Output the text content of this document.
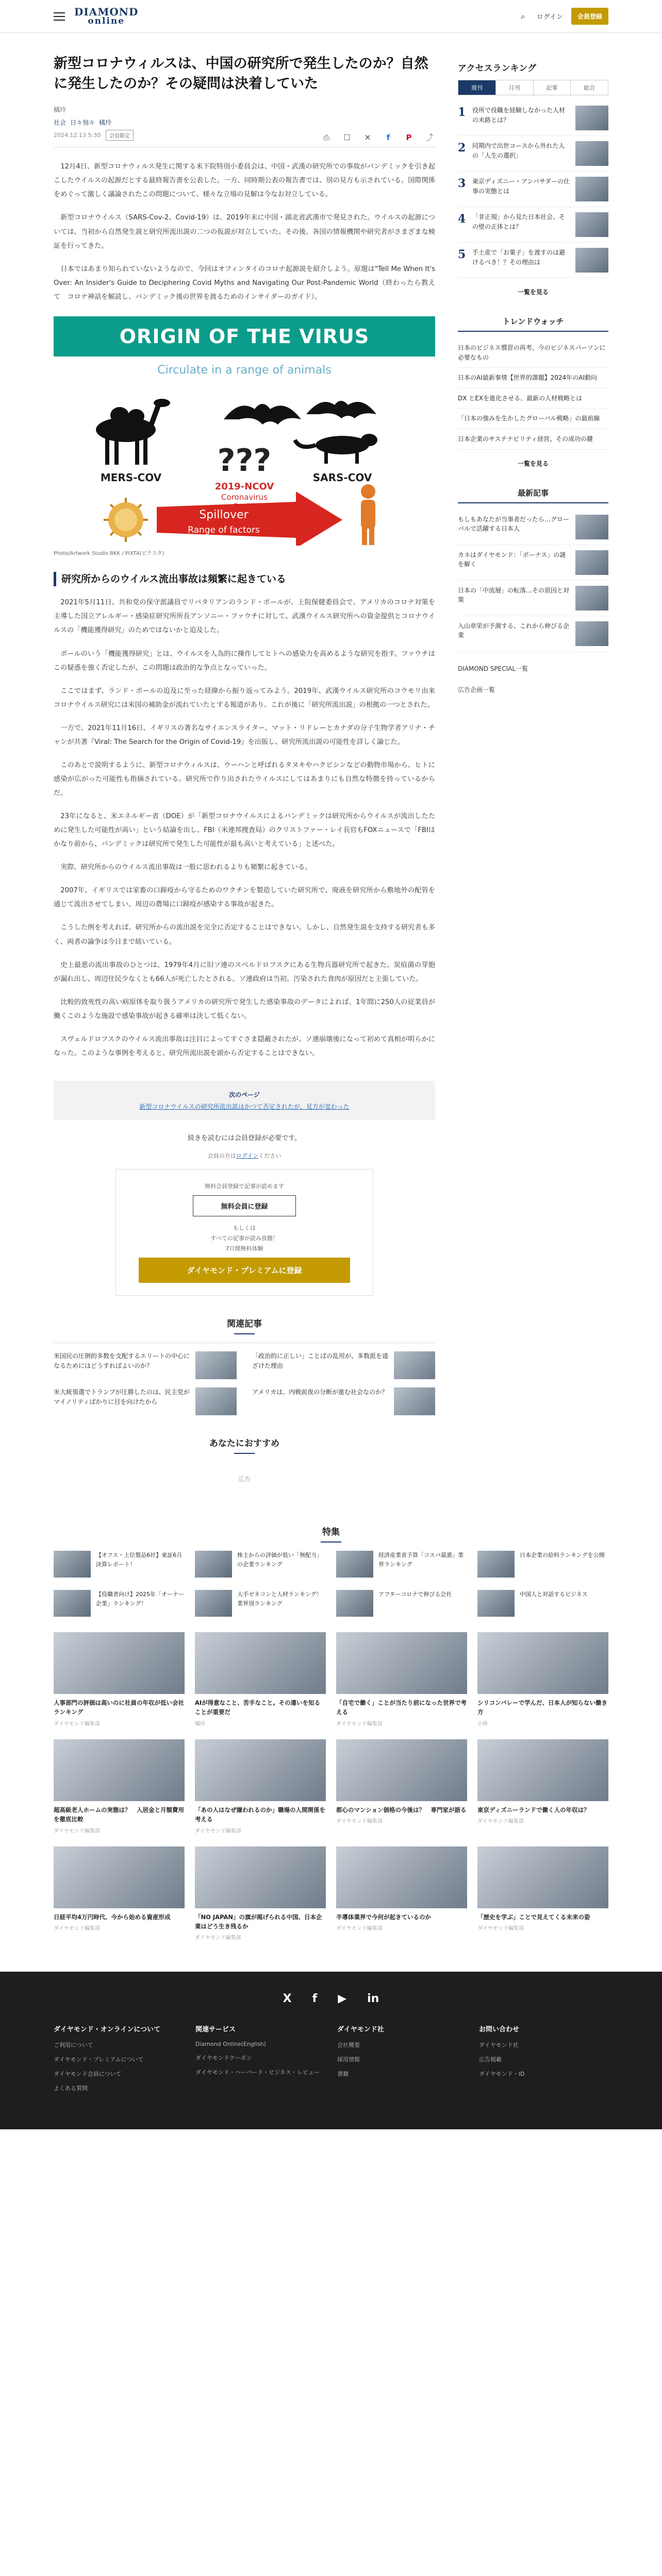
DIAMOND
online	⌕	ログイン	会員登録
新型コロナウィルスは、中国の研究所で発生したのか？自然に発生したのか？その疑問は決着していた
橘玲
社会 日々刻々 橘玲
2024.12.13 5:30	会員限定	⎙	☐	✕	f	P	⤴

12月4日、新型コロナウィルス発生に関する米下院特別小委員会は、中国・武漢の研究所での事故がパンデミックを引き起こしたウイルスの起源だとする最終報告書を公表した。一方、同時期公表の報告書では、別の見方も示されている。国際関係をめぐって激しく議論されたこの問題について、様々な立場の見解は今なお対立している。

新型コロナウイルス（SARS-Cov-2、Covid-19）は、2019年末に中国・湖北省武漢市で発見された。ウイルスの起源については、当初から自然発生説と研究所流出説の二つの仮説が対立していた。その後、各国の情報機関や研究者がさまざまな検証を行ってきた。

日本ではあまり知られていないようなので、今回はオフィンタイのコロナ起源説を紹介しよう。原題は"Tell Me When It's Over: An Insider's Guide to Deciphering Covid Myths and Navigating Our Post-Pandemic World（終わったら教えて　コロナ神話を解読し、パンデミック後の世界を渡るためのインサイダーのガイド）。

ORIGIN OF THE VIRUS
Circulate in a range of animals
MERS-COV	SARS-COV
???
2019-NCOV
Coronavirus
Spillover
Range of factors
Photo/Artwork Studio BKK / PIXTA(ピクスタ)
研究所からのウイルス流出事故は頻繁に起きている

2021年5月11日、共和党の保守派議員でリバタリアンのランド・ポールが、上院保健委員会で、アメリカのコロナ対策を主導した国立アレルギー・感染症研究所所長アンソニー・ファウチに対して、武漢ウイルス研究所への資金提供とコロナウイルスの「機能獲得研究」のためではないかと追及した。

ポールのいう「機能獲得研究」とは、ウイルスを人為的に操作してヒトへの感染力を高めるような研究を指す。ファウチはこの疑惑を強く否定したが、この問題は政治的な争点となっていった。

ここではまず、ランド・ポールの追及に至った経緯から振り返ってみよう。2019年、武漢ウイルス研究所のコウモリ由来コロナウイルス研究には米国の補助金が流れていたとする報道があり、これが後に「研究所流出説」の根拠の一つとされた。

一方で、2021年11月16日、イギリスの著名なサイエンスライター、マット・リドレーとカナダの分子生物学者アリナ・チャンが共著『Viral: The Search for the Origin of Covid-19』を出版し、研究所流出説の可能性を詳しく論じた。

このあとで説明するように、新型コロナウィルスは、ウーハンと呼ばれるタヌキやハクビシンなどの動物市場から、ヒトに感染が広がった可能性も指摘されている。研究所で作り出されたウイルスにしてはあまりにも自然な特徴を持っているからだ。

23年になると、米エネルギー省（DOE）が「新型コロナウイルスによるパンデミックは研究所からウイルスが流出したために発生した可能性が高い」という結論を出し、FBI（米連邦捜査局）のクリストファー・レイ長官もFOXニュースで「FBIはかなり前から、パンデミックは研究所で発生した可能性が最も高いと考えている」と述べた。

実際、研究所からのウイルス流出事故は一般に思われるよりも頻繁に起きている。

2007年、イギリスでは家畜の口蹄疫から守るためのワクチンを製造していた研究所で、廃液を研究所から敷地外の配管を通じて流出させてしまい、周辺の農場に口蹄疫が感染する事故が起きた。

こうした例を考えれば、研究所からの流出説を完全に否定することはできない。しかし、自然発生説を支持する研究者も多く、両者の論争は今日まで続いている。

史上最悪の流出事故のひとつは、1979年4月に旧ソ連のスベルドロフスクにある生物兵器研究所で起きた。炭疽菌の芽胞が漏れ出し、周辺住民少なくとも66人が死亡したとされる。ソ連政府は当初、汚染された食肉が原因だと主張していた。

比較的致死性の高い病原体を取り扱うアメリカの研究所で発生した感染事故のデータによれば、1年間に250人の従業員が働くこのような施設で感染事故が起きる確率は決して低くない。

スヴェルドロフスクのウイルス流出事故は注目によってすぐさま隠蔽されたが、ソ連崩壊後になって初めて真相が明らかになった。このような事例を考えると、研究所流出説を頭から否定することはできない。

次のページ
新型コロナウイルスの研究所流出説はかつて否定されたが、見方が変わった
続きを読むには会員登録が必要です。
会員の方はログインください
無料会員登録で記事が読めます
無料会員に登録
もしくは
すべての記事が読み放題！
7日間無料体験
ダイヤモンド・プレミアムに登録
関連記事
米国民の圧倒的多数を支配するエリートの中心になるためにはどうすればよいのか？
「政治的に正しい」ことばの乱用が、多数派を遠ざけた理由
米大統領選でトランプが圧勝したのは、民主党がマイノリティばかりに目を向けたから
アメリカは、内戦前夜の分断が進む社会なのか？
あなたにおすすめ
広告
アクセスランキング
週刊	月刊	記事	総合
1 役所で役職を経験しなかった人材の末路とは？
2 同期内で出世コースから外れた人の「人生の選択」
3 東京ディズニー・アンバサダーの仕事の実態とは
4 「非正規」から見た日本社会、その壁の正体とは？
5 手土産で「お菓子」を渡すのは避けるべき！？その理由は
一覧を見る
トレンドウォッチ
日本のビジネス慣習の再考、今のビジネスパーソンに必要なもの
日本のAI最新事情【世界的課題】2024年のAI動向
DX とEXを進化させる、最新の人材戦略とは
「日本の強みを生かしたグローバル戦略」の最前線
日本企業のサステナビリティ経営、その成功の鍵
一覧を見る
最新記事
もしもあなたが当事者だったら…グローバルで活躍する日本人
カネはダイヤモンド：「ボーナス」の謎を解く
日本の「中流層」の転落…その原因と対策
入山章栄が予測する、これから伸びる企業
DIAMOND SPECIAL一覧
広告企画一覧
特集
【オフス・上位製品6社】東証6月決算レポート！
株主からの評価が低い「無配当」の企業ランキング
経済産業省予算「コスパ最悪」業界ランキング
日本企業の給料ランキングを公開
【役職者向け】2025年「オーナー企業」ランキング！
大手ゼネコンと人材ランキング！業界別ランキング
アフターコロナで伸びる会社	中国人と対話するビジネス
人事部門の評価は高いのに社員の年収が低い会社ランキング
ダイヤモンド編集部
AIが得意なこと、苦手なこと。その違いを知ることが重要だ
橘玲
「自宅で働く」ことが当たり前になった世界で考える
ダイヤモンド編集部
シリコンバレーで学んだ、日本人が知らない働き方
小林
超高級老人ホームの実態は？　入居金と月額費用を徹底比較
ダイヤモンド編集部
「あの人はなぜ嫌われるのか」職場の人間関係を考える
ダイヤモンド編集部
都心のマンション価格の今後は？　専門家が語る
ダイヤモンド編集部
東京ディズニーランドで働く人の年収は？
ダイヤモンド編集部
日経平均4万円時代、今から始める資産形成
ダイヤモンド編集部
「NO JAPAN」の旗が掲げられる中国、日本企業はどう生き残るか
ダイヤモンド編集部
半導体業界で今何が起きているのか
ダイヤモンド編集部
「歴史を学ぶ」ことで見えてくる未来の姿
ダイヤモンド編集部
X f ▶ in
ダイヤモンド・オンラインについて
ご利用について
ダイヤモンド・プレミアムについて
ダイヤモンド会員について
よくある質問
関連サービス
Diamond Online(English)
ダイヤモンドクーポン
ダイヤモンド・ハーバード・ビジネス・レビュー
ダイヤモンド社
会社概要
採用情報
書籍
お問い合わせ
ダイヤモンド社
広告掲載
ダイヤモンド・ID
